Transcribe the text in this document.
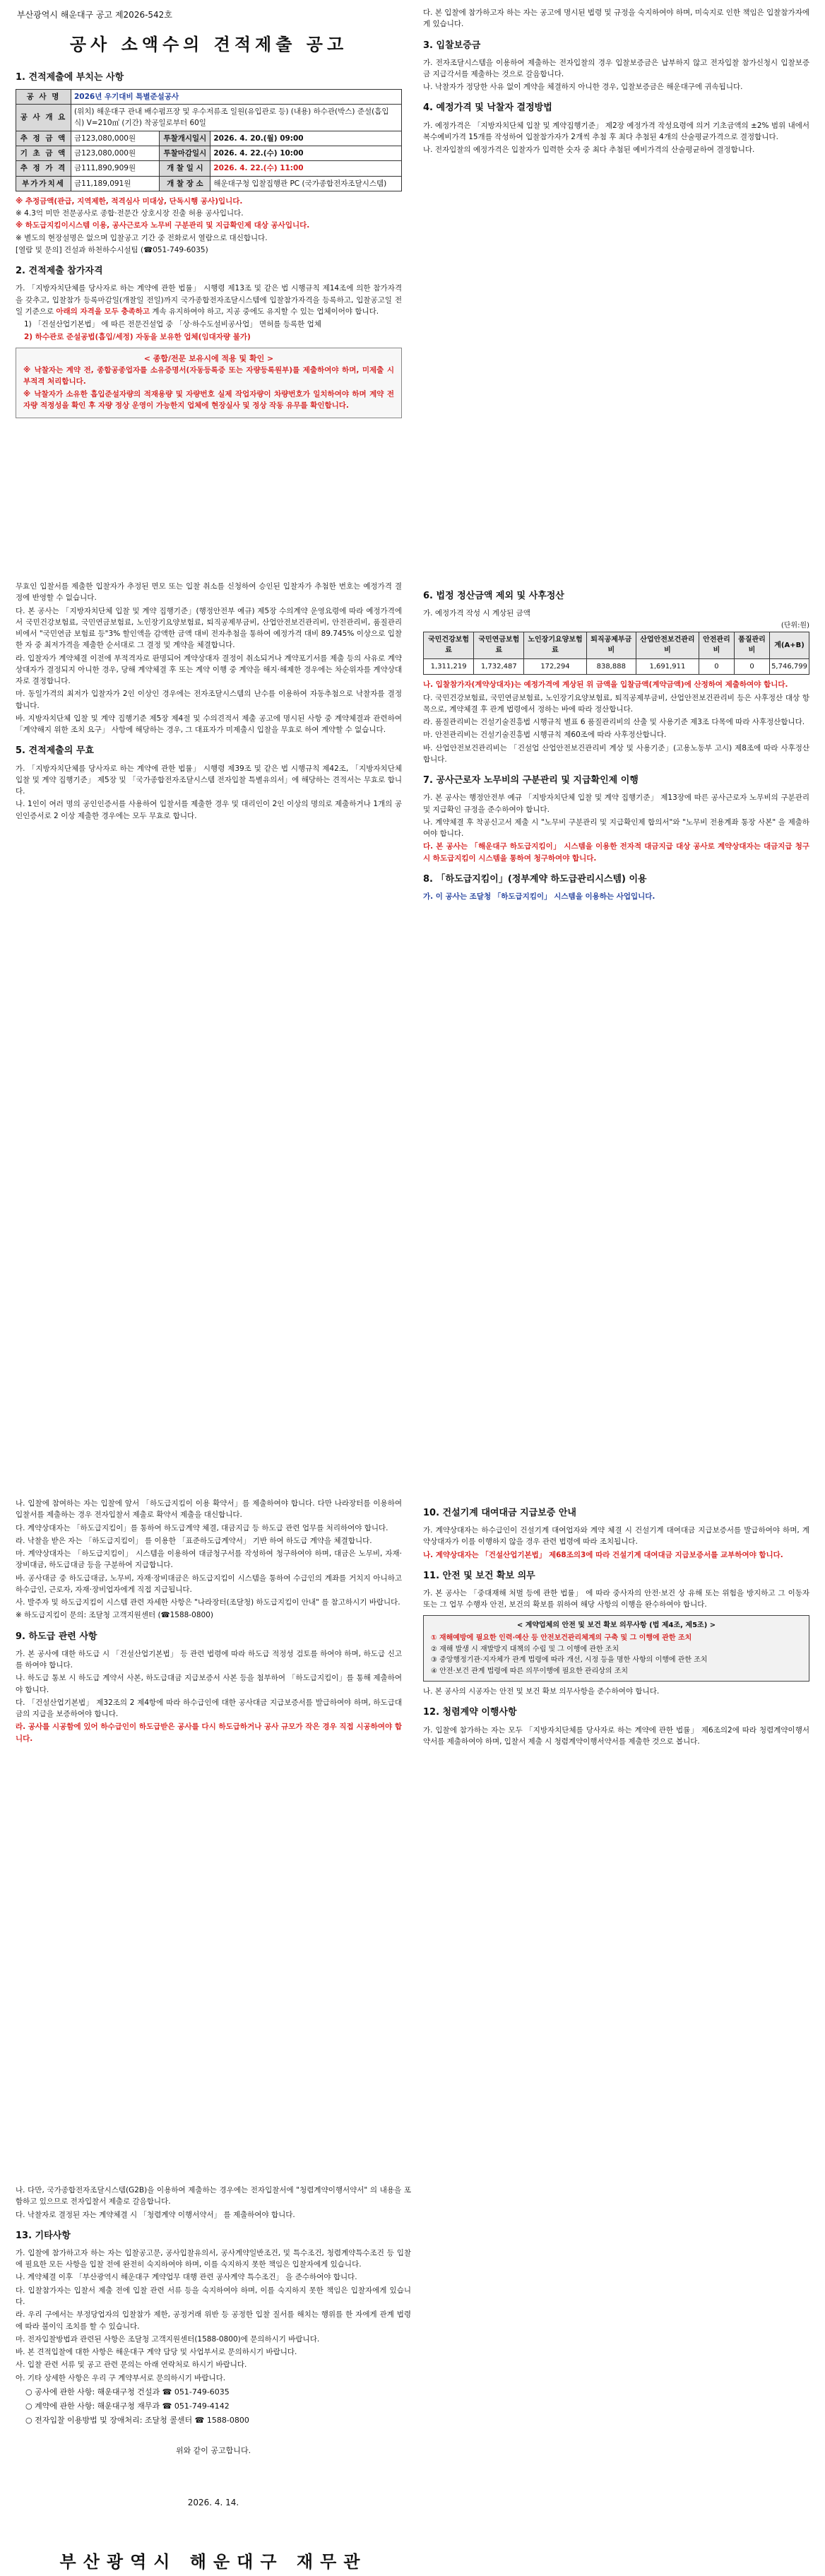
부산광역시 해운대구 공고 제2026-542호
공사 소액수의 견적제출 공고
1. 견적제출에 부치는 사항
공 사 명	2026년 우기대비 특별준설공사		
공 사 개 요	(위치) 해운대구 관내 배수펌프장 및 우수저류조 일원(유입관로 등) (내용) 하수관(박스) 준설(흡입식) V=210㎥ (기간) 착공일로부터 60일		
추 정 금 액	금123,080,000원	투찰개시일시	2026. 4. 20.(월) 09:00
기 초 금 액	금123,080,000원	투찰마감일시	2026. 4. 22.(수) 10:00
추 정 가 격	금111,890,909원	개 찰 일 시	2026. 4. 22.(수) 11:00
부가가치세	금11,189,091원	개 찰 장 소	해운대구청 입찰집행관 PC (국가종합전자조달시스템)
※ 추정금액(관급, 지역제한, 적격심사 미대상, 단독시행 공사)입니다.
※ 4.3억 미만 전문공사로 종합·전문간 상호시장 진출 허용 공사입니다.
※ 하도급지킴이시스템 이용, 공사근로자 노무비 구분관리 및 지급확인제 대상 공사입니다.
※ 별도의 현장설명은 없으며 입찰공고 기간 중 전화로서 열람으로 대신합니다.
[열람 및 문의] 건설과 하천하수시설팀 (☎051-749-6035)
2. 견적제출 참가자격
가. 「지방자치단체를 당사자로 하는 계약에 관한 법률」 시행령 제13조 및 같은 법 시행규칙 제14조에 의한 참가자격을 갖추고, 입찰참가 등록마감일(개찰일 전일)까지 국가종합전자조달시스템에 입찰참가자격을 등록하고, 입찰공고일 전일 기준으로 아래의 자격을 모두 충족하고 계속 유지하여야 하고, 지공 중에도 유지할 수 있는 업체이어야 합니다.
1) 「건설산업기본법」 에 따른 전문건설업 중 「상·하수도설비공사업」 면허를 등록한 업체
2) 하수관로 준설공법(흡입/세정) 자동을 보유한 업체(임대자량 불가)
< 종합/전문 보유시에 적용 및 확인 >
※ 낙찰자는 계약 전, 종합공종업자를 소유증명서(자동등록증 또는 자량등록원부)를 제출하여야 하며, 미제출 시 부적격 처리합니다.
※ 낙찰자가 소유한 흡입준설자량의 적재용량 및 자량번호 실제 작업자량이 차량번호가 일치하여야 하며 계약 전 자량 적정성을 확인 후 자량 정상 운영이 가능한지 업체에 현장실사 및 정상 작동 유무를 확인합니다.
다. 본 입찰에 참가하고자 하는 자는 공고에 명시된 법령 및 규정을 숙지하여야 하며, 미숙지로 인한 책임은 입찰참가자에게 있습니다.
3. 입찰보증금
가. 전자조달시스템을 이용하여 제출하는 전자입찰의 경우 입찰보증금은 납부하지 않고 전자입찰 참가신청시 입찰보증금 지급각서를 제출하는 것으로 갈음합니다.
나. 낙찰자가 정당한 사유 없이 계약을 체결하지 아니한 경우, 입찰보증금은 해운대구에 귀속됩니다.
4. 예정가격 및 낙찰자 결정방법
가. 예정가격은 「지방자치단체 입찰 및 계약집행기준」 제2장 예정가격 작성요령에 의거 기초금액의 ±2% 범위 내에서 복수예비가격 15개를 작성하여 입찰참가자가 2개씩 추첨 후 최다 추첨된 4개의 산술평균가격으로 결정합니다.
나. 전자입찰의 예정가격은 입찰자가 입력한 숫자 중 최다 추첨된 예비가격의 산술평균하여 결정합니다.
무효인 입찰서를 제출한 입찰자가 추정된 면모 또는 입찰 취소를 신청하여 승인된 입찰자가 추첨한 번호는 예정가격 결정에 반영할 수 없습니다.
다. 본 공사는 「지방자치단체 입찰 및 계약 집행기준」(행정안전부 예규) 제5장 수의계약 운영요령에 따라 예정가격에서 국민건강보험료, 국민연금보험료, 노인장기요양보험료, 퇴직공제부금비, 산업안전보건관리비, 안전관리비, 품질관리비에서 "국민연금 보험료 등"3% 할인액을 감액한 금액 대비 전자추첨을 통하여 예정가격 대비 89.745% 이상으로 입찰한 자 중 최저가격을 제출한 순서대로 그 결정 및 계약을 체결합니다.
라. 입찰자가 계약체결 이전에 부적격자로 판명되어 계약상대자 결정이 취소되거나 계약포기서를 제출 등의 사유로 계약상대자가 결정되지 아니한 경우, 당해 계약체결 후 또는 계약 이행 중 계약을 해지·해제한 경우에는 차순위자를 계약상대자로 결정합니다.
마. 동일가격의 최저가 입찰자가 2인 이상인 경우에는 전자조달시스템의 난수를 이용하여 자동추첨으로 낙찰자를 결정합니다.
바. 지방자치단체 입찰 및 계약 집행기준 제5장 제4절 및 수의견적서 제출 공고에 명시된 사항 중 계약체결과 관련하여 「계약해지 위한 조치 요구」 사항에 해당하는 경우, 그 대표자가 미제출시 입찰을 무효로 하여 계약할 수 없습니다.
5. 견적제출의 무효
가. 「지방자치단체를 당사자로 하는 계약에 관한 법률」 시행령 제39조 및 같은 법 시행규칙 제42조, 「지방자치단체 입찰 및 계약 집행기준」 제5장 및 「국가종합전자조달시스템 전자입찰 특별유의서」에 해당하는 견적서는 무효로 합니다.
나. 1인이 여러 명의 공인인증서를 사용하여 입찰서를 제출한 경우 및 대리인이 2인 이상의 명의로 제출하거나 1개의 공인인증서로 2 이상 제출한 경우에는 모두 무효로 합니다.
6. 법정 정산금액 제외 및 사후정산
가. 예정가격 작성 시 계상된 금액
(단위:원)
국민건강보험료	국민연금보험료	노인장기요양보험료	퇴직공제부금비	산업안전보건관리비	안전관리비	품질관리비	계(A+B)
1,311,219	1,732,487	172,294	838,888	1,691,911	0	0	5,746,799
나. 입찰참가자(계약상대자)는 예정가격에 계상된 위 금액을 입찰금액(계약금액)에 산정하여 제출하여야 합니다.
다. 국민건강보험료, 국민연금보험료, 노인장기요양보험료, 퇴직공제부금비, 산업안전보건관리비 등은 사후정산 대상 항목으로, 계약체결 후 관계 법령에서 정하는 바에 따라 정산합니다.
라. 품질관리비는 건설기술진흥법 시행규칙 별표 6 품질관리비의 산출 및 사용기준 제3조 다목에 따라 사후정산합니다.
마. 안전관리비는 건설기술진흥법 시행규칙 제60조에 따라 사후정산합니다.
바. 산업안전보건관리비는 「건설업 산업안전보건관리비 계상 및 사용기준」(고용노동부 고시) 제8조에 따라 사후정산합니다.
7. 공사근로자 노무비의 구분관리 및 지급확인제 이행
가. 본 공사는 행정안전부 예규 「지방자치단체 입찰 및 계약 집행기준」 제13장에 따른 공사근로자 노무비의 구분관리 및 지급확인 규정을 준수하여야 합니다.
나. 계약체결 후 착공신고서 제출 시 "노무비 구분관리 및 지급확인제 합의서"와 "노무비 전용계좌 통장 사본" 을 제출하여야 합니다.
다. 본 공사는 「해운대구 하도급지킴이」 시스템을 이용한 전자적 대금지급 대상 공사로 계약상대자는 대금지급 청구 시 하도급지킴이 시스템을 통하여 청구하여야 합니다.
8. 「하도급지킴이」(정부계약 하도급관리시스템) 이용
가. 이 공사는 조달청 「하도급지킴이」 시스템을 이용하는 사업입니다.
나. 입찰에 참여하는 자는 입찰에 앞서 「하도급지킴이 이용 확약서」를 제출하여야 합니다. 다만 나라장터를 이용하여 입찰서를 제출하는 경우 전자입찰서 제출로 확약서 제출을 대신합니다.
다. 계약상대자는 「하도급지킴이」를 통하여 하도급계약 체결, 대금지급 등 하도급 관련 업무를 처리하여야 합니다.
라. 낙찰을 받은 자는 「하도급지킴이」 를 이용한 「표준하도급계약서」 기반 하여 하도급 계약을 체결합니다.
마. 계약상대자는 「하도급지킴이」 시스템을 이용하여 대금청구서를 작성하여 청구하여야 하며, 대금은 노무비, 자재·장비대금, 하도급대금 등을 구분하여 지급합니다.
바. 공사대금 중 하도급대금, 노무비, 자재·장비대금은 하도급지킴이 시스템을 통하여 수급인의 계좌를 거치지 아니하고 하수급인, 근로자, 자재·장비업자에게 직접 지급됩니다.
사. 발주자 및 하도급지킴이 시스템 관련 자세한 사항은 "나라장터(조달청) 하도급지킴이 안내" 를 참고하시기 바랍니다.
※ 하도급지킴이 문의: 조달청 고객지원센터 (☎1588-0800)
9. 하도급 관련 사항
가. 본 공사에 대한 하도급 시 「건설산업기본법」 등 관련 법령에 따라 하도급 적정성 검토를 하여야 하며, 하도급 신고를 하여야 합니다.
나. 하도급 통보 시 하도급 계약서 사본, 하도급대금 지급보증서 사본 등을 첨부하여 「하도급지킴이」를 통해 제출하여야 합니다.
다. 「건설산업기본법」 제32조의 2 제4항에 따라 하수급인에 대한 공사대금 지급보증서를 발급하여야 하며, 하도급대금의 지급을 보증하여야 합니다.
라. 공사를 시공함에 있어 하수급인이 하도급받은 공사를 다시 하도급하거나 공사 규모가 작은 경우 직접 시공하여야 합니다.
10. 건설기계 대여대금 지급보증 안내
가. 계약상대자는 하수급인이 건설기계 대여업자와 계약 체결 시 건설기계 대여대금 지급보증서를 발급하여야 하며, 계약상대자가 이를 이행하지 않을 경우 관련 법령에 따라 조치됩니다.
나. 계약상대자는 「건설산업기본법」 제68조의3에 따라 건설기계 대여대금 지급보증서를 교부하여야 합니다.
11. 안전 및 보건 확보 의무
가. 본 공사는 「중대재해 처벌 등에 관한 법률」 에 따라 중사자의 안전·보건 상 유해 또는 위험을 방지하고 그 이동자 또는 그 업무 수행자 안전, 보건의 확보를 위하여 해당 사항의 이행을 완수하여야 합니다.
< 계약업체의 안전 및 보건 확보 의무사항 (법 제4조, 제5조) >
① 재해예방에 필요한 인력·예산 등 안전보건관리체계의 구축 및 그 이행에 관한 조치
② 재해 발생 시 재발방지 대책의 수립 및 그 이행에 관한 조치
③ 중앙행정기관·지자체가 관계 법령에 따라 개선, 시정 등을 명한 사항의 이행에 관한 조치
④ 안전·보건 관계 법령에 따른 의무이행에 필요한 관리상의 조치
나. 본 공사의 시공자는 안전 및 보건 확보 의무사항을 준수하여야 합니다.
12. 청렴계약 이행사항
가. 입찰에 참가하는 자는 모두 「지방자치단체를 당사자로 하는 계약에 관한 법률」 제6조의2에 따라 청렴계약이행서약서를 제출하여야 하며, 입찰서 제출 시 청렴계약이행서약서를 제출한 것으로 봅니다.
나. 다만, 국가종합전자조달시스템(G2B)을 이용하여 제출하는 경우에는 전자입찰서에 "청렴계약이행서약서" 의 내용을 포함하고 있으므로 전자입찰서 제출로 갈음합니다.
다. 낙찰자로 결정된 자는 계약체결 시 「청렴계약 이행서약서」 를 제출하여야 합니다.
13. 기타사항
가. 입찰에 참가하고자 하는 자는 입찰공고문, 공사입찰유의서, 공사계약일반조건, 및 특수조건, 청렴계약특수조건 등 입찰에 필요한 모든 사항을 입찰 전에 완전히 숙지하여야 하며, 이를 숙지하지 못한 책임은 입찰자에게 있습니다.
나. 계약체결 이후 「부산광역시 해운대구 계약업무 대행 관련 공사계약 특수조건」 을 준수하여야 합니다.
다. 입찰참가자는 입찰서 제출 전에 입찰 관련 서류 등을 숙지하여야 하며, 이를 숙지하지 못한 책임은 입찰자에게 있습니다.
라. 우리 구에서는 부정당업자의 입찰참가 제한, 공정거래 위반 등 공정한 입찰 질서를 해치는 행위를 한 자에게 관계 법령에 따라 불이익 조치를 할 수 있습니다.
마. 전자입찰방법과 관련된 사항은 조달청 고객지원센터(1588-0800)에 문의하시기 바랍니다.
바. 본 견적입찰에 대한 사항은 해운대구 계약 담당 및 사업부서로 문의하시기 바랍니다.
사. 입찰 관련 서류 및 공고 관련 문의는 아래 연락처로 하시기 바랍니다.
아. 기타 상세한 사항은 우리 구 계약부서로 문의하시기 바랍니다.
○ 공사에 관한 사항: 해운대구청 건설과 ☎ 051-749-6035
○ 계약에 관한 사항: 해운대구청 재무과 ☎ 051-749-4142
○ 전자입찰 이용방법 및 장애처리: 조달청 콜센터 ☎ 1588-0800
위와 같이 공고합니다.
2026. 4. 14.
부산광역시 해운대구 재무관
